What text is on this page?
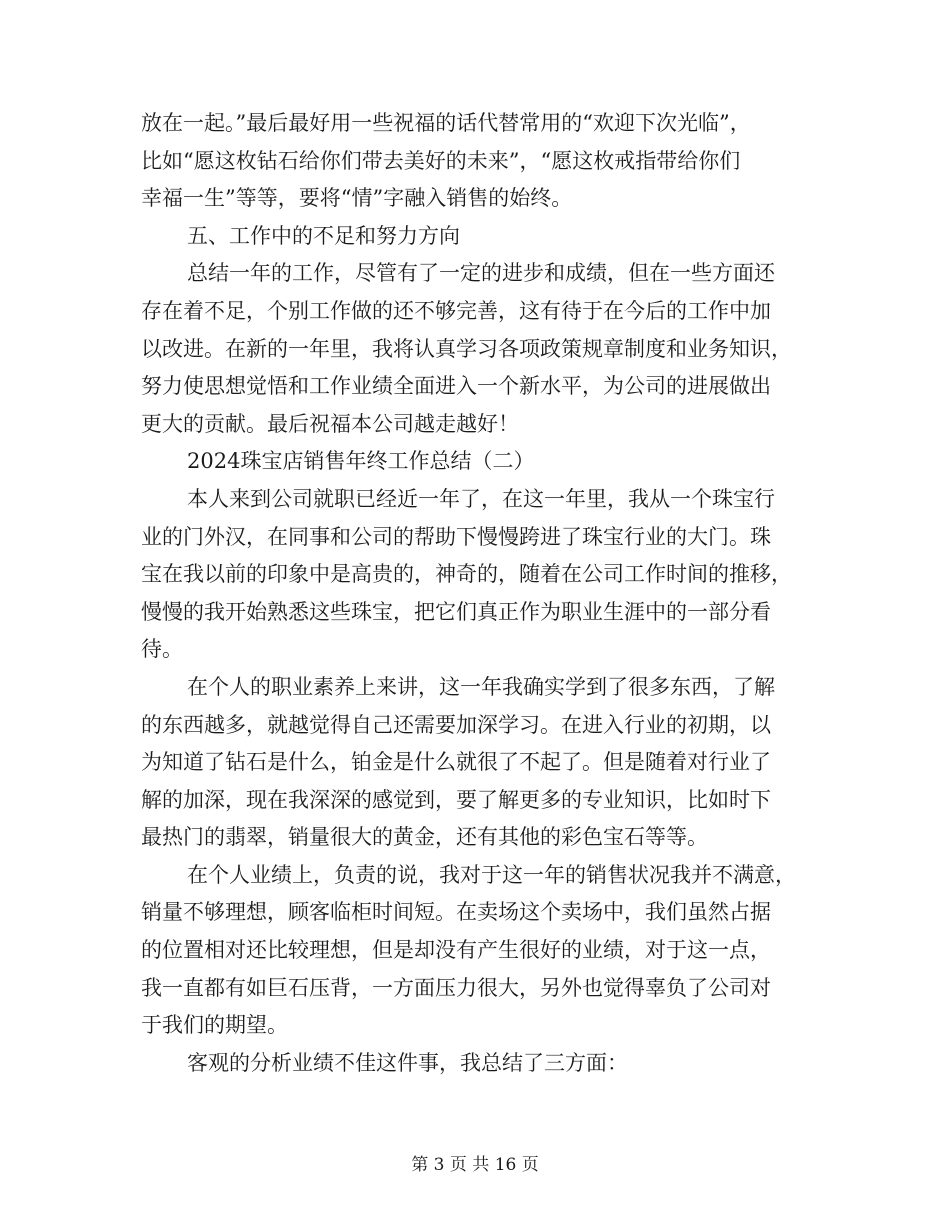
放在一起。”最后最好用一些祝福的话代替常用的“欢迎下次光临”，
比如“愿这枚钻石给你们带去美好的未来”，“愿这枚戒指带给你们
幸福一生”等等，要将“情”字融入销售的始终。
五、工作中的不足和努力方向
总结一年的工作，尽管有了一定的进步和成绩，但在一些方面还
存在着不足，个别工作做的还不够完善，这有待于在今后的工作中加
以改进。在新的一年里，我将认真学习各项政策规章制度和业务知识，
努力使思想觉悟和工作业绩全面进入一个新水平，为公司的进展做出
更大的贡献。最后祝福本公司越走越好！
2024珠宝店销售年终工作总结（二）
本人来到公司就职已经近一年了，在这一年里，我从一个珠宝行
业的门外汉，在同事和公司的帮助下慢慢跨进了珠宝行业的大门。珠
宝在我以前的印象中是高贵的，神奇的，随着在公司工作时间的推移，
慢慢的我开始熟悉这些珠宝，把它们真正作为职业生涯中的一部分看
待。
在个人的职业素养上来讲，这一年我确实学到了很多东西，了解
的东西越多，就越觉得自己还需要加深学习。在进入行业的初期，以
为知道了钻石是什么，铂金是什么就很了不起了。但是随着对行业了
解的加深，现在我深深的感觉到，要了解更多的专业知识，比如时下
最热门的翡翠，销量很大的黄金，还有其他的彩色宝石等等。
在个人业绩上，负责的说，我对于这一年的销售状况我并不满意，
销量不够理想，顾客临柜时间短。在卖场这个卖场中，我们虽然占据
的位置相对还比较理想，但是却没有产生很好的业绩，对于这一点，
我一直都有如巨石压背，一方面压力很大，另外也觉得辜负了公司对
于我们的期望。
客观的分析业绩不佳这件事，我总结了三方面：
第 3 页 共 16 页
